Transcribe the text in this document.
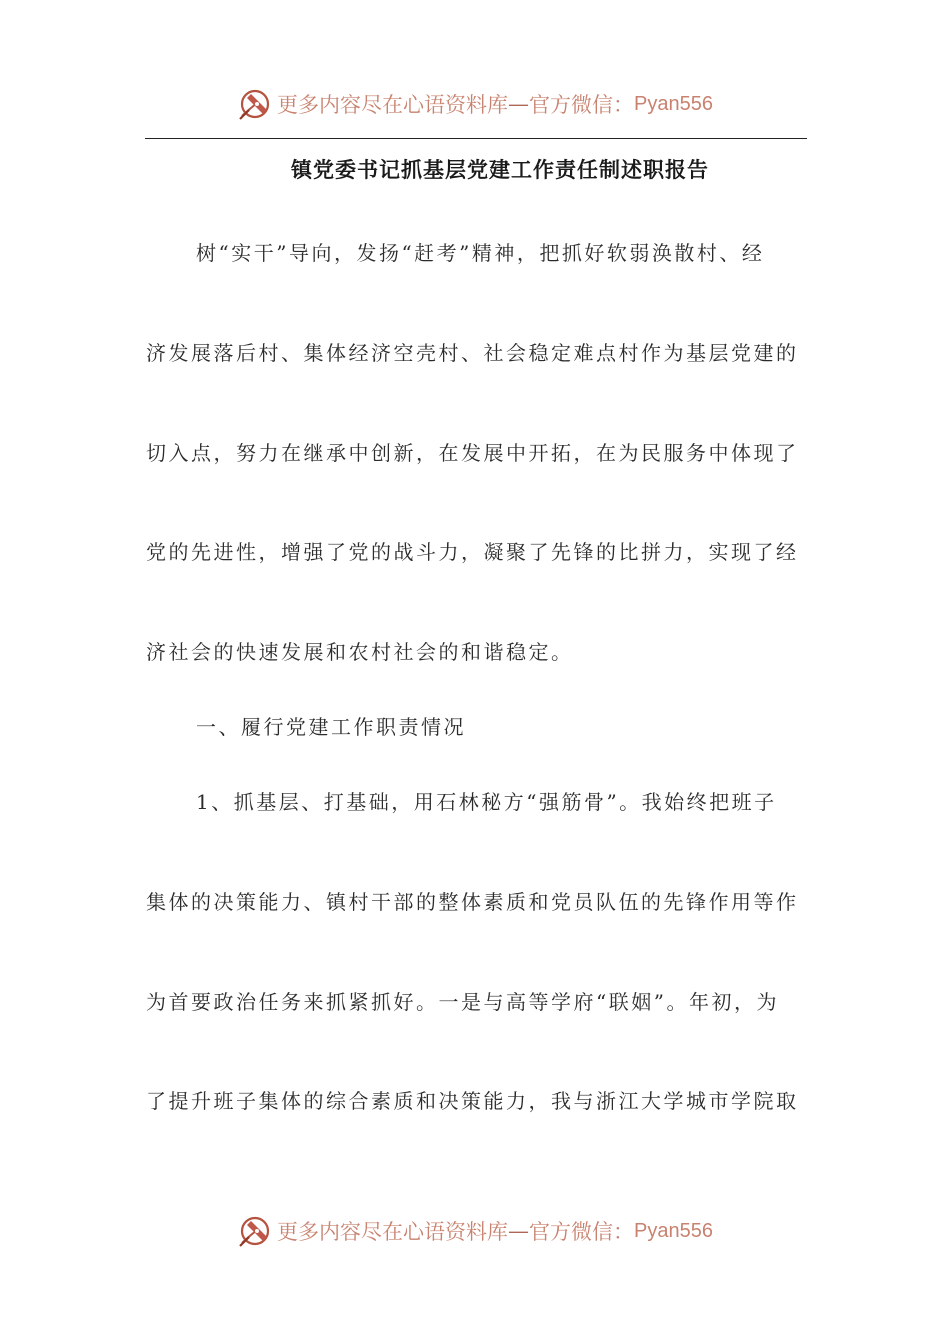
更多内容尽在心语资料库 — 官方微信： Pyan556
镇党委书记抓基层党建工作责任制述职报告
树“实干”导向，发扬“赶考”精神，把抓好软弱涣散村、经
济发展落后村、集体经济空壳村、社会稳定难点村作为基层党建的
切入点，努力在继承中创新，在发展中开拓，在为民服务中体现了
党的先进性，增强了党的战斗力，凝聚了先锋的比拼力，实现了经
济社会的快速发展和农村社会的和谐稳定。
一、履行党建工作职责情况
1、抓基层、打基础，用石林秘方“强筋骨”。我始终把班子
集体的决策能力、镇村干部的整体素质和党员队伍的先锋作用等作
为首要政治任务来抓紧抓好。一是与高等学府“联姻”。年初，为
了提升班子集体的综合素质和决策能力，我与浙江大学城市学院取
更多内容尽在心语资料库 — 官方微信： Pyan556
